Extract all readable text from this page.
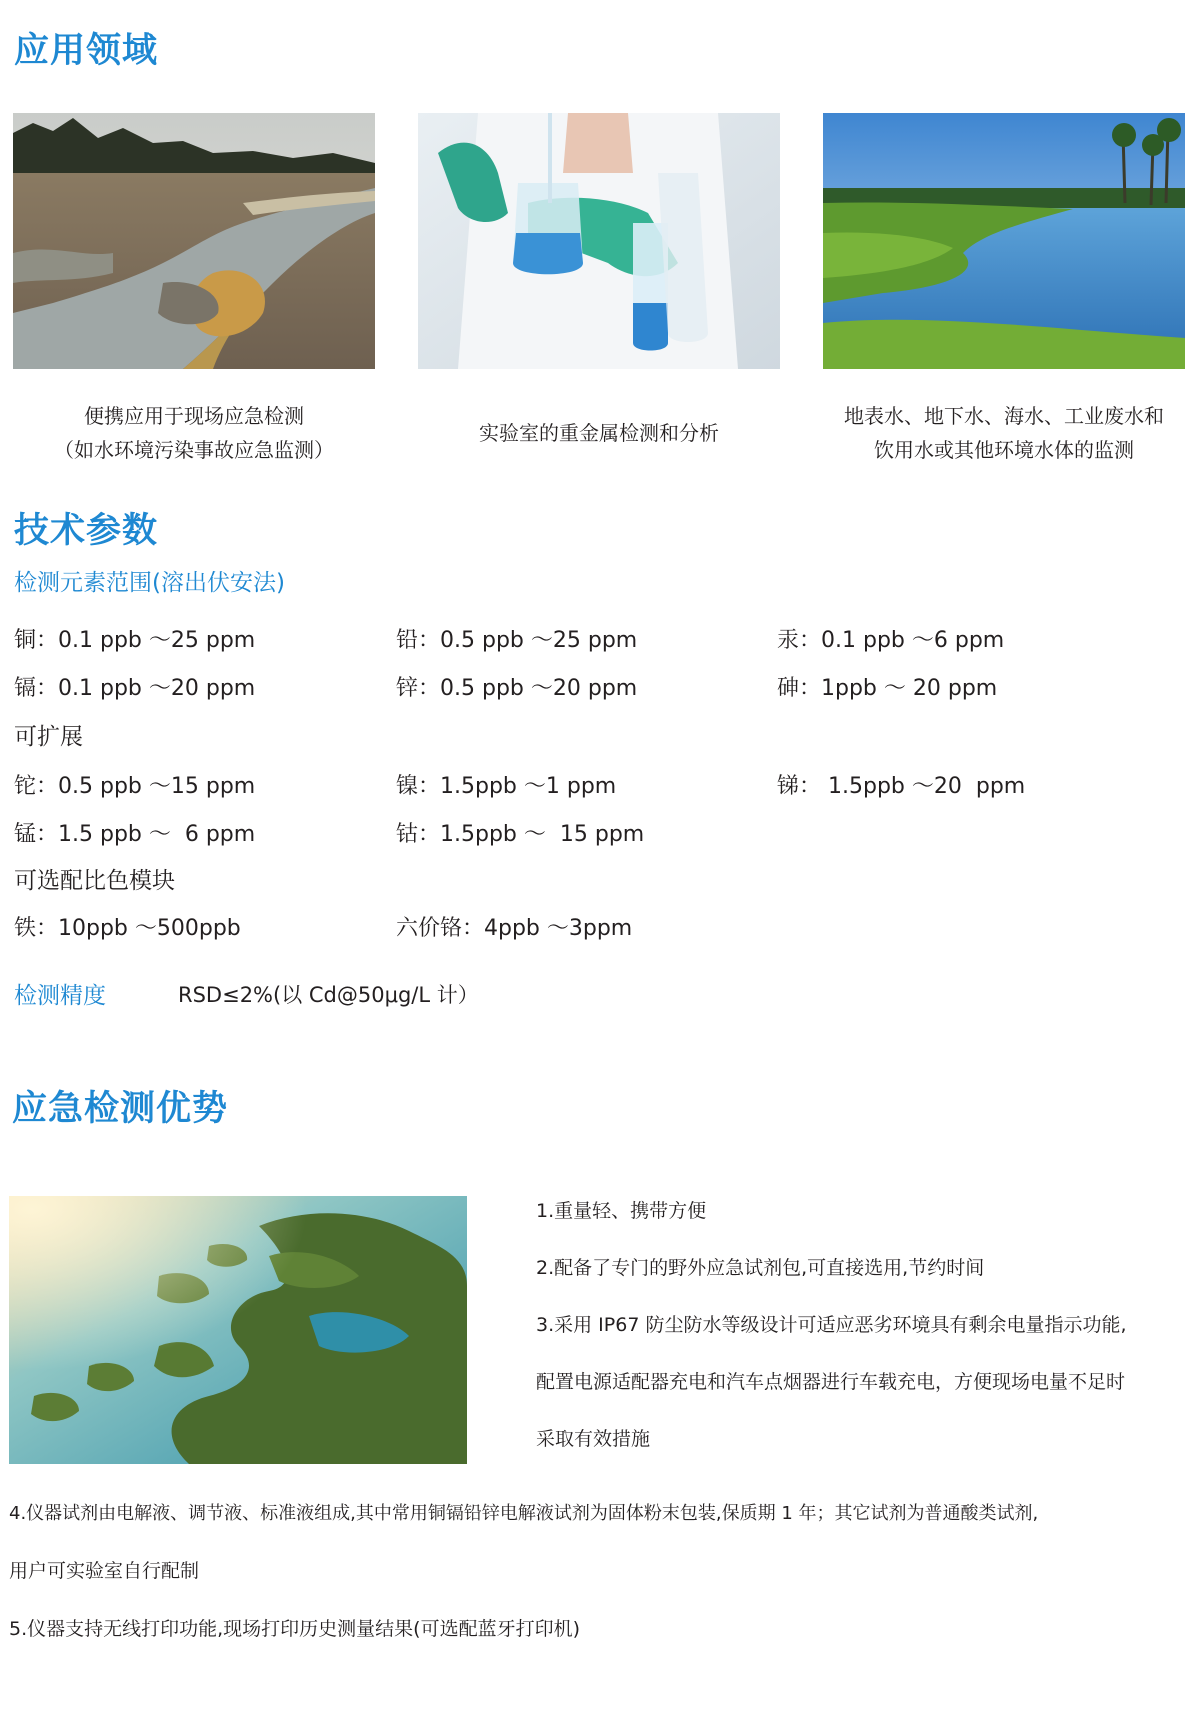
应用领域
便携应用于现场应急检测
（如水环境污染事故应急监测）
实验室的重金属检测和分析
地表水、地下水、海水、工业废水和
饮用水或其他环境水体的监测
技术参数
检测元素范围(溶出伏安法)
铜：0.1 ppb ～25 ppm	铅：0.5 ppb ～25 ppm	汞：0.1 ppb ～6 ppm
镉：0.1 ppb ～20 ppm	锌：0.5 ppb ～20 ppm	砷：1ppb ～ 20 ppm
可扩展
铊：0.5 ppb ～15 ppm	镍：1.5ppb ～1 ppm	锑： 1.5ppb ～20  ppm
锰：1.5 ppb ～  6 ppm	钴：1.5ppb ～  15 ppm
可选配比色模块
铁：10ppb ～500ppb	六价铬：4ppb ～3ppm
检测精度	RSD≤2%(以 Cd@50μg/L 计）
应急检测优势
1.重量轻、携带方便
2.配备了专门的野外应急试剂包,可直接选用,节约时间
3.采用 IP67 防尘防水等级设计可适应恶劣环境具有剩余电量指示功能,
配置电源适配器充电和汽车点烟器进行车载充电，方便现场电量不足时
采取有效措施
4.仪器试剂由电解液、调节液、标准液组成,其中常用铜镉铅锌电解液试剂为固体粉末包装,保质期 1 年；其它试剂为普通酸类试剂,
用户可实验室自行配制
5.仪器支持无线打印功能,现场打印历史测量结果(可选配蓝牙打印机)
